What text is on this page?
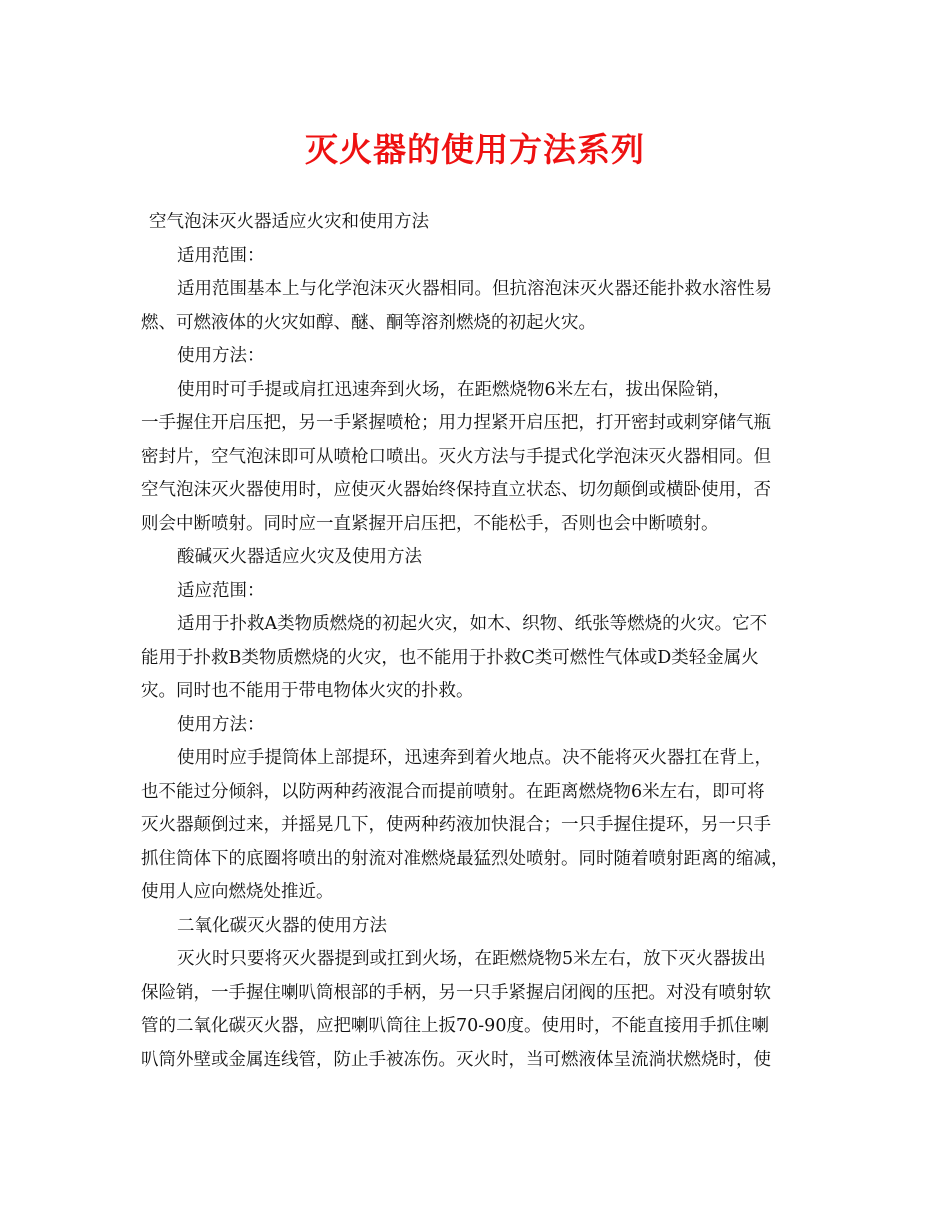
灭火器的使用方法系列
空气泡沫灭火器适应火灾和使用方法
适用范围：
适用范围基本上与化学泡沫灭火器相同。但抗溶泡沫灭火器还能扑救水溶性易
燃、可燃液体的火灾如醇、醚、酮等溶剂燃烧的初起火灾。
使用方法：
使用时可手提或肩扛迅速奔到火场，在距燃烧物6米左右，拔出保险销，
一手握住开启压把，另一手紧握喷枪；用力捏紧开启压把，打开密封或刺穿储气瓶
密封片，空气泡沫即可从喷枪口喷出。灭火方法与手提式化学泡沫灭火器相同。但
空气泡沫灭火器使用时，应使灭火器始终保持直立状态、切勿颠倒或横卧使用，否
则会中断喷射。同时应一直紧握开启压把，不能松手，否则也会中断喷射。
酸碱灭火器适应火灾及使用方法
适应范围：
适用于扑救A类物质燃烧的初起火灾，如木、织物、纸张等燃烧的火灾。它不
能用于扑救B类物质燃烧的火灾，也不能用于扑救C类可燃性气体或D类轻金属火
灾。同时也不能用于带电物体火灾的扑救。
使用方法：
使用时应手提筒体上部提环，迅速奔到着火地点。决不能将灭火器扛在背上，
也不能过分倾斜，以防两种药液混合而提前喷射。在距离燃烧物6米左右，即可将
灭火器颠倒过来，并摇晃几下，使两种药液加快混合；一只手握住提环，另一只手
抓住筒体下的底圈将喷出的射流对准燃烧最猛烈处喷射。同时随着喷射距离的缩减，
使用人应向燃烧处推近。
二氧化碳灭火器的使用方法
灭火时只要将灭火器提到或扛到火场，在距燃烧物5米左右，放下灭火器拔出
保险销，一手握住喇叭筒根部的手柄，另一只手紧握启闭阀的压把。对没有喷射软
管的二氧化碳灭火器，应把喇叭筒往上扳70-90度。使用时，不能直接用手抓住喇
叭筒外壁或金属连线管，防止手被冻伤。灭火时，当可燃液体呈流淌状燃烧时，使
